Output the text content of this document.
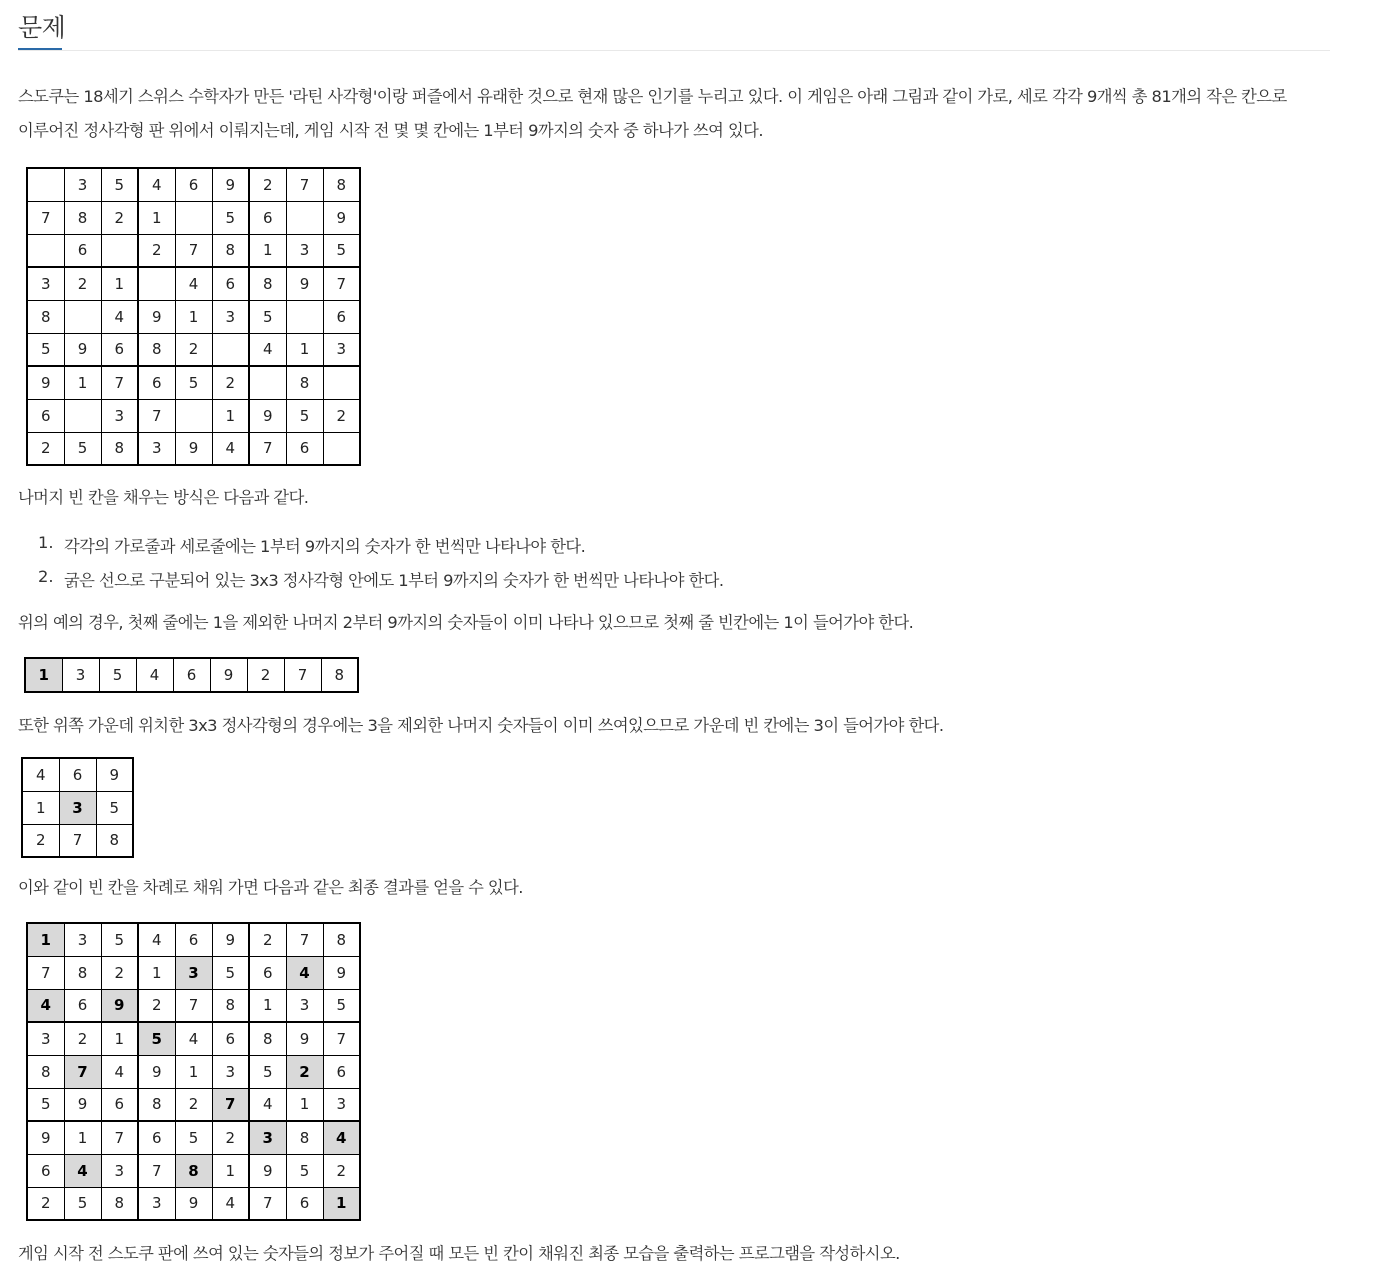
문제

스도쿠는 18세기 스위스 수학자가 만든 '라틴 사각형'이랑 퍼즐에서 유래한 것으로 현재 많은 인기를 누리고 있다. 이 게임은 아래 그림과 같이 가로, 세로 각각 9개씩 총 81개의 작은 칸으로

이루어진 정사각형 판 위에서 이뤄지는데, 게임 시작 전 몇 몇 칸에는 1부터 9까지의 숫자 중 하나가 쓰여 있다.

	3	5	4	6	9	2	7	8
7	8	2	1		5	6		9
	6		2	7	8	1	3	5
3	2	1		4	6	8	9	7
8		4	9	1	3	5		6
5	9	6	8	2		4	1	3
9	1	7	6	5	2		8	
6		3	7		1	9	5	2
2	5	8	3	9	4	7	6	

나머지 빈 칸을 채우는 방식은 다음과 같다.

1. 각각의 가로줄과 세로줄에는 1부터 9까지의 숫자가 한 번씩만 나타나야 한다.
2. 굵은 선으로 구분되어 있는 3x3 정사각형 안에도 1부터 9까지의 숫자가 한 번씩만 나타나야 한다.

위의 예의 경우, 첫째 줄에는 1을 제외한 나머지 2부터 9까지의 숫자들이 이미 나타나 있으므로 첫째 줄 빈칸에는 1이 들어가야 한다.

1	3	5	4	6	9	2	7	8

또한 위쪽 가운데 위치한 3x3 정사각형의 경우에는 3을 제외한 나머지 숫자들이 이미 쓰여있으므로 가운데 빈 칸에는 3이 들어가야 한다.

4	6	9
1	3	5
2	7	8

이와 같이 빈 칸을 차례로 채워 가면 다음과 같은 최종 결과를 얻을 수 있다.

1	3	5	4	6	9	2	7	8
7	8	2	1	3	5	6	4	9
4	6	9	2	7	8	1	3	5
3	2	1	5	4	6	8	9	7
8	7	4	9	1	3	5	2	6
5	9	6	8	2	7	4	1	3
9	1	7	6	5	2	3	8	4
6	4	3	7	8	1	9	5	2
2	5	8	3	9	4	7	6	1

게임 시작 전 스도쿠 판에 쓰여 있는 숫자들의 정보가 주어질 때 모든 빈 칸이 채워진 최종 모습을 출력하는 프로그램을 작성하시오.
